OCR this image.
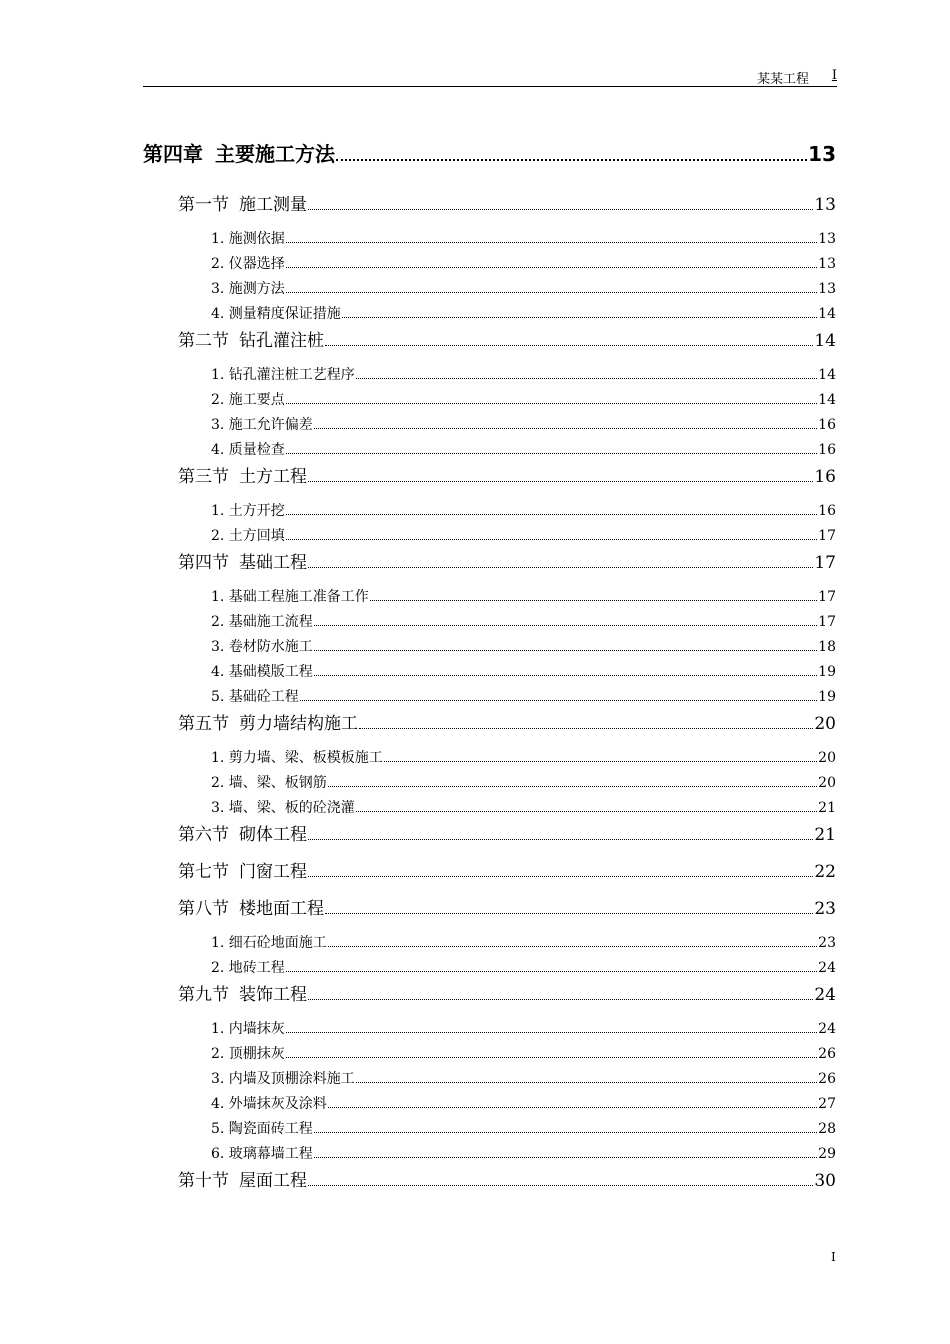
某某工程 I
第四章 主要施工方法	13
第一节 施工测量	13
1. 施测依据	13
2. 仪器选择	13
3. 施测方法	13
4. 测量精度保证措施	14
第二节 钻孔灌注桩	14
1. 钻孔灌注桩工艺程序	14
2. 施工要点	14
3. 施工允许偏差	16
4. 质量检查	16
第三节 土方工程	16
1. 土方开挖	16
2. 土方回填	17
第四节 基础工程	17
1. 基础工程施工准备工作	17
2. 基础施工流程	17
3. 卷材防水施工	18
4. 基础模版工程	19
5. 基础砼工程	19
第五节 剪力墙结构施工	20
1. 剪力墙、梁、板模板施工	20
2. 墙、梁、板钢筋	20
3. 墙、梁、板的砼浇灌	21
第六节 砌体工程	21
第七节 门窗工程	22
第八节 楼地面工程	23
1. 细石砼地面施工	23
2. 地砖工程	24
第九节 装饰工程	24
1. 内墙抹灰	24
2. 顶棚抹灰	26
3. 内墙及顶棚涂料施工	26
4. 外墙抹灰及涂料	27
5. 陶瓷面砖工程	28
6. 玻璃幕墙工程	29
第十节 屋面工程	30
I
